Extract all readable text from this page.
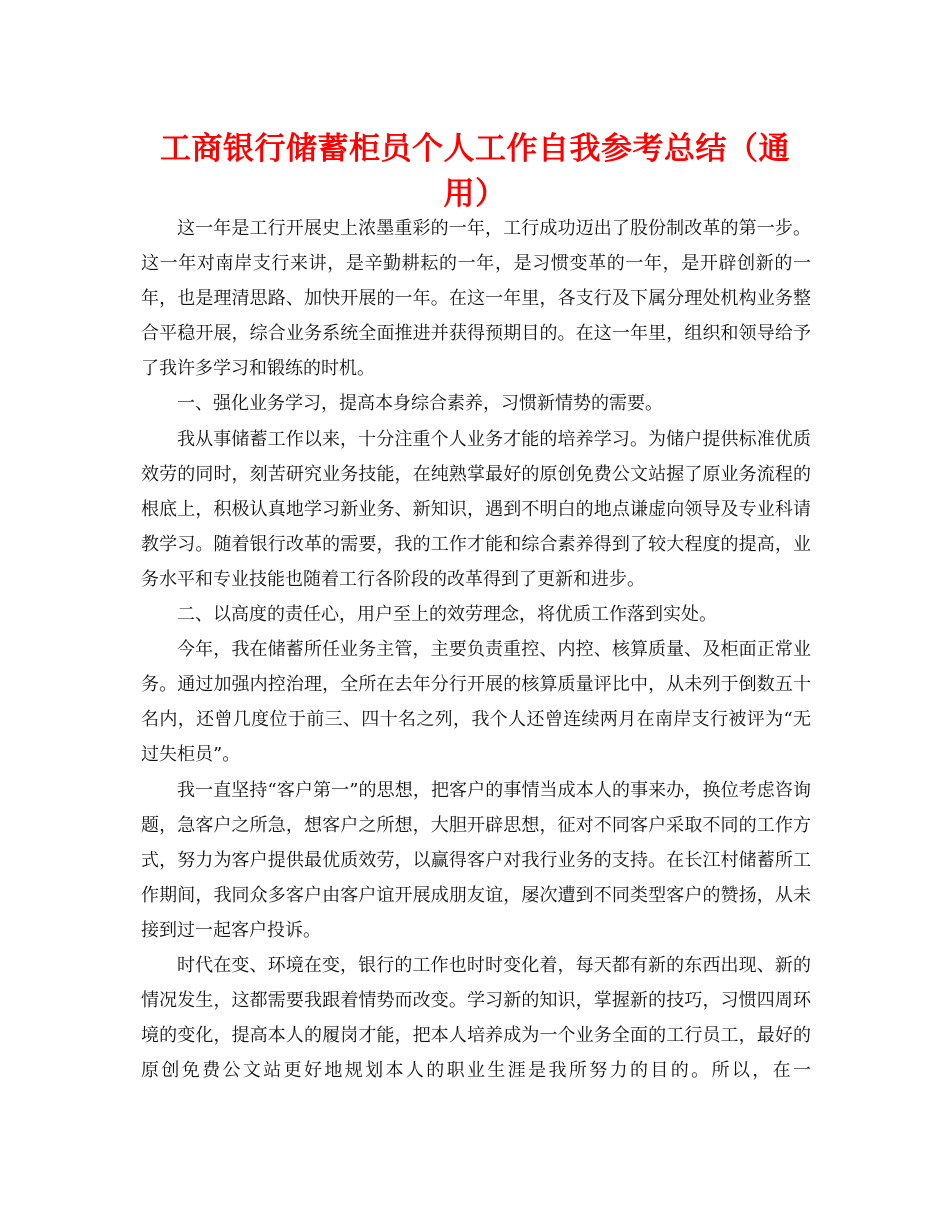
工商银行储蓄柜员个人工作自我参考总结（通用）

这一年是工行开展史上浓墨重彩的一年，工行成功迈出了股份制改革的第一步。这一年对南岸支行来讲，是辛勤耕耘的一年，是习惯变革的一年，是开辟创新的一年，也是理清思路、加快开展的一年。在这一年里，各支行及下属分理处机构业务整合平稳开展，综合业务系统全面推进并获得预期目的。在这一年里，组织和领导给予了我许多学习和锻练的时机。

一、强化业务学习，提高本身综合素养，习惯新情势的需要。

我从事储蓄工作以来，十分注重个人业务才能的培养学习。为储户提供标准优质效劳的同时，刻苦研究业务技能，在纯熟掌最好的原创免费公文站握了原业务流程的根底上，积极认真地学习新业务、新知识，遇到不明白的地点谦虚向领导及专业科请教学习。随着银行改革的需要，我的工作才能和综合素养得到了较大程度的提高，业务水平和专业技能也随着工行各阶段的改革得到了更新和进步。

二、以高度的责任心，用户至上的效劳理念，将优质工作落到实处。

今年，我在储蓄所任业务主管，主要负责重控、内控、核算质量、及柜面正常业务。通过加强内控治理，全所在去年分行开展的核算质量评比中，从未列于倒数五十名内，还曾几度位于前三、四十名之列，我个人还曾连续两月在南岸支行被评为“无过失柜员”。

我一直坚持“客户第一”的思想，把客户的事情当成本人的事来办，换位考虑咨询题，急客户之所急，想客户之所想，大胆开辟思想，征对不同客户采取不同的工作方式，努力为客户提供最优质效劳，以赢得客户对我行业务的支持。在长江村储蓄所工作期间，我同众多客户由客户谊开展成朋友谊，屡次遭到不同类型客户的赞扬，从未接到过一起客户投诉。

时代在变、环境在变，银行的工作也时时变化着，每天都有新的东西出现、新的情况发生，这都需要我跟着情势而改变。学习新的知识，掌握新的技巧，习惯四周环境的变化，提高本人的履岗才能，把本人培养成为一个业务全面的工行员工，最好的原创免费公文站更好地规划本人的职业生涯是我所努力的目的。所以，在一
